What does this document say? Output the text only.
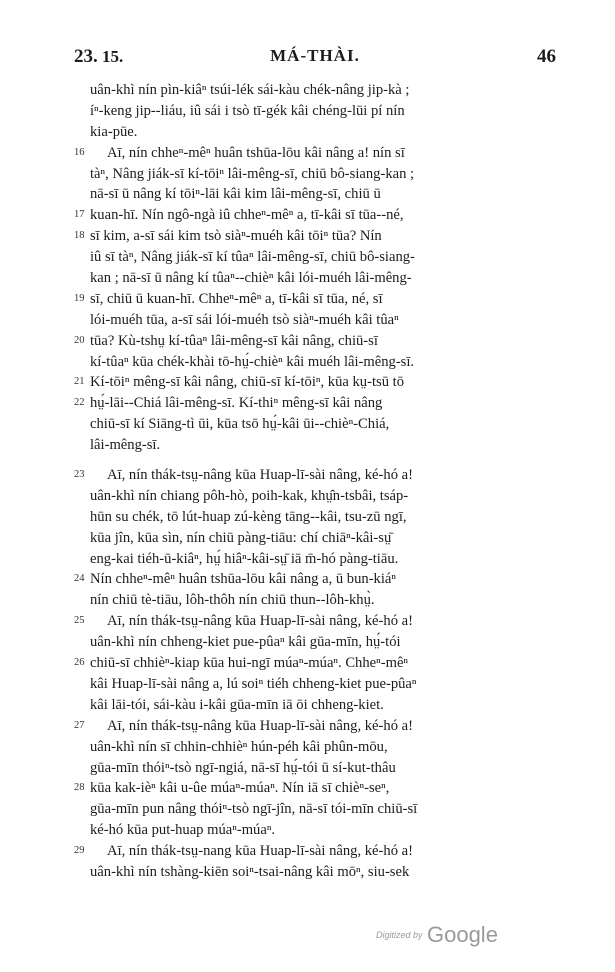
23. 15.	MÁ-THÀI.	46
uân-khì nín pìn-kiâⁿ tsúi-lék sái-kàu chék-nâng jip-kà ;
íⁿ-keng jip--liáu, iû sái i tsò tī-gék kâi chéng-lūi pí nín
kia-pūe.
16	Aī, nín chheⁿ-mêⁿ huân tshūa-lōu kâi nâng a! nín sī
tàⁿ, Nâng jiák-sī kí-tōiⁿ lâi-mêng-sī, chiū bô-siang-kan ;
nā-sī ū nâng kí tōiⁿ-lāi kâi kim lâi-mêng-sī, chiū ū
17 kuan-hī. Nín ngô-ngà iû chheⁿ-mêⁿ a, tī-kâi sī tūa--né,
18 sī kim, a-sī sái kim tsò siàⁿ-muéh kâi tōiⁿ tūa? Nín
iû sī tàⁿ, Nâng jiák-sī kí tûaⁿ lâi-mêng-sī, chiū bô-siang-
kan ; nā-sī ū nâng kí tûaⁿ--chièⁿ kâi lói-muéh lâi-mêng-
19 sī, chiū ū kuan-hī. Chheⁿ-mêⁿ a, tī-kâi sī tūa, né, sī
lói-muéh tūa, a-sī sái lói-muéh tsò siàⁿ-muéh kâi tûaⁿ
20 tūa? Kù-tshṳ kí-tûaⁿ lâi-mêng-sī kâi nâng, chiū-sī
kí-tûaⁿ kūa chék-khài tō-hṳ́-chièⁿ kâi muéh lâi-mêng-sī.
21 Kí-tōiⁿ mêng-sī kâi nâng, chiū-sī kí-tōiⁿ, kūa kṳ-tsū tō
22 hṳ́-lāi--Chiá lâi-mêng-sī. Kí-thiⁿ mêng-sī kâi nâng
chiū-sī kí Siāng-tì ūi, kūa tsō hṳ́-kâi ūi--chièⁿ-Chiá,
lâi-mêng-sī.
23	Aī, nín thák-tsṳ-nâng kūa Huap-lī-sài nâng, ké-hó a!
uân-khì nín chiang pôh-hò, poih-kak, khṳ̂n-tsbâi, tsáp-
hūn su chék, tō lút-huap zú-kèng tāng--kâi, tsu-zū ngī,
kūa jîn, kūa sìn, nín chiū pàng-tiāu: chí chiāⁿ-kâi-sṳ̄
eng-kai tiéh-ū-kiâⁿ, hṳ́ hiâⁿ-kâi-sṳ̄ iā m̄-hó pàng-tiāu.
24 Nín chheⁿ-mêⁿ huân tshūa-lōu kâi nâng a, ū bun-kiáⁿ
nín chiū tè-tiāu, lôh-thôh nín chiū thun--lôh-khṳ̀.
25	Aī, nín thák-tsṳ-nâng kūa Huap-lī-sài nâng, ké-hó a!
uân-khì nín chheng-kiet pue-pûaⁿ kâi gūa-mīn, hṳ́-tói
26 chiū-sī chhièⁿ-kiap kūa hui-ngī múaⁿ-múaⁿ. Chheⁿ-mêⁿ
kâi Huap-lī-sài nâng a, lú soiⁿ tiéh chheng-kiet pue-pûaⁿ
kâi lāi-tói, sái-kàu i-kâi gūa-mīn iā ōi chheng-kiet.
27	Aī, nín thák-tsṳ-nâng kūa Huap-lī-sài nâng, ké-hó a!
uân-khì nín sī chhin-chhièⁿ hún-péh kâi phûn-mōu,
gūa-mīn thóiⁿ-tsò ngī-ngiá, nā-sī hṳ́-tói ū sí-kut-thâu
28 kūa kak-ièⁿ kâi u-ûe múaⁿ-múaⁿ. Nín iā sī chièⁿ-seⁿ,
gūa-mīn pun nâng thóiⁿ-tsò ngī-jîn, nā-sī tói-mīn chiū-sī
ké-hó kūa put-huap múaⁿ-múaⁿ.
29	Aī, nín thák-tsṳ-nang kūa Huap-lī-sài nâng, ké-hó a!
uân-khì nín tshàng-kiēn soiⁿ-tsai-nâng kâi mōⁿ, siu-sek
Digitized by Google
